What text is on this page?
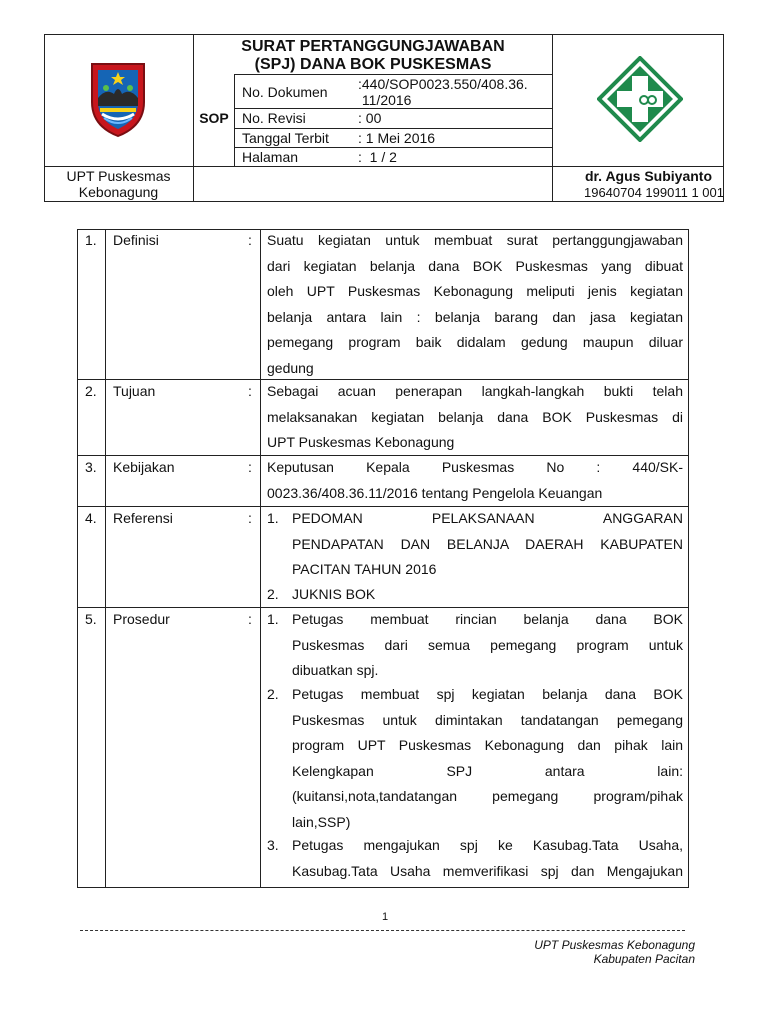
SURAT PERTANGGUNGJAWABAN
(SPJ) DANA BOK PUSKESMAS
SOP
No. Dokumen :440/SOP0023.550/408.36.
11/2016
No. Revisi	: 00
Tanggal Terbit : 1 Mei 2016
Halaman	:  1 / 2
UPT Puskesmas
Kebonagung
dr. Agus Subiyanto
19640704 199011 1 001
1. Definisi	: Suatu kegiatan untuk membuat surat pertanggungjawaban
dari kegiatan belanja dana BOK Puskesmas yang dibuat
oleh UPT Puskesmas Kebonagung meliputi jenis kegiatan
belanja antara lain : belanja barang dan jasa kegiatan
pemegang program baik didalam gedung maupun diluar
gedung
2. Tujuan	: Sebagai acuan penerapan langkah-langkah bukti telah
melaksanakan kegiatan belanja dana BOK Puskesmas di
UPT Puskesmas Kebonagung
3. Kebijakan	: Keputusan    Kepala    Puskesmas    No    :    440/SK-
0023.36/408.36.11/2016 tentang Pengelola Keuangan
4. Referensi	: 1. PEDOMAN PELAKSANAAN ANGGARAN
PENDAPATAN DAN BELANJA DAERAH KABUPATEN
PACITAN TAHUN 2016
2. JUKNIS BOK
5. Prosedur	: 1. Petugas membuat rincian belanja dana BOK
Puskesmas dari semua pemegang program untuk
dibuatkan spj.
2. Petugas membuat spj kegiatan belanja dana BOK
Puskesmas untuk dimintakan tandatangan pemegang
program UPT Puskesmas Kebonagung dan pihak lain
Kelengkapan SPJ antara lain:
(kuitansi,nota,tandatangan pemegang program/pihak
lain,SSP)
3. Petugas mengajukan spj ke Kasubag.Tata Usaha,
Kasubag.Tata Usaha memverifikasi spj dan Mengajukan
1
UPT Puskesmas Kebonagung
Kabupaten Pacitan
